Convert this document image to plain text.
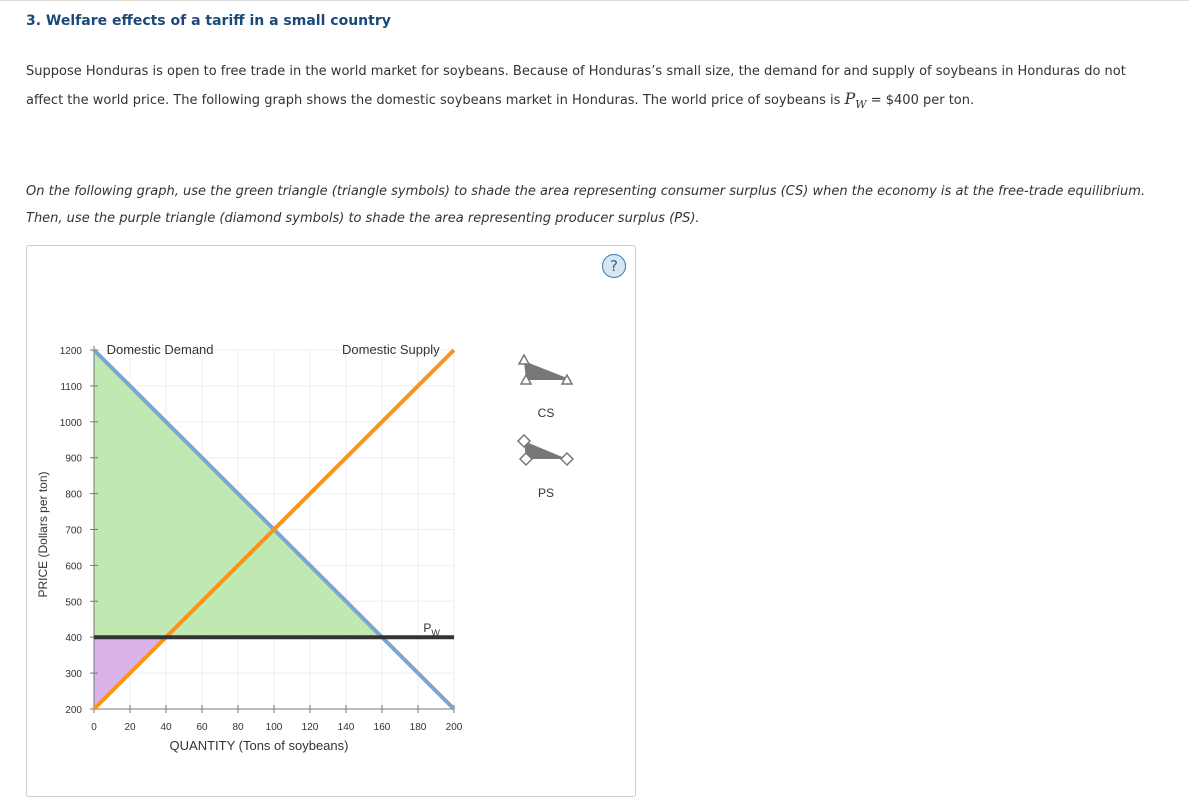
3. Welfare effects of a tariff in a small country

Suppose Honduras is open to free trade in the world market for soybeans. Because of Honduras’s small size, the demand for and supply of soybeans in Honduras do not affect the world price. The following graph shows the domestic soybeans market in Honduras. The world price of soybeans is $P_W$ = $400 per ton.

On the following graph, use the green triangle (triangle symbols) to shade the area representing consumer surplus (CS) when the economy is at the free-trade equilibrium. Then, use the purple triangle (diamond symbols) to shade the area representing producer surplus (PS).

?
0	20 40 60 80 100 120 140 160 180 200
200
300
400
500
600
700
800
900
1000
1100
1200
QUANTITY (Tons of soybeans)
PRICE (Dollars per ton)
Domestic Demand	Domestic Supply
P W
CS
PS
